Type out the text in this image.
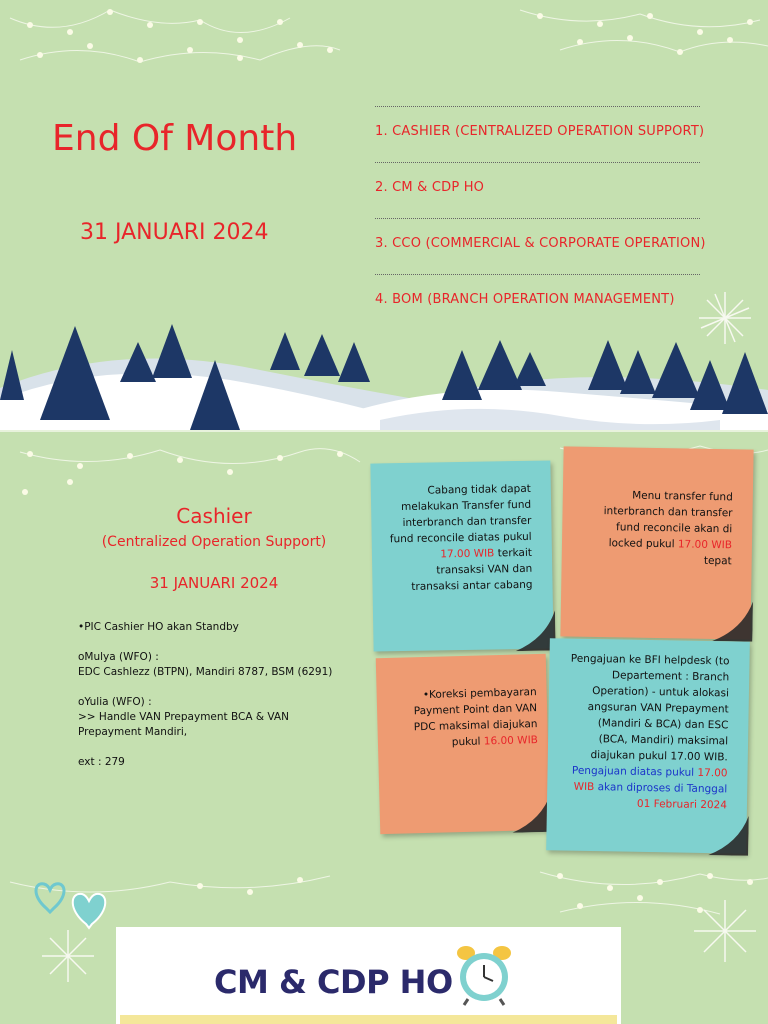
End Of Month
31 JANUARI 2024
1. CASHIER (CENTRALIZED OPERATION SUPPORT)
2. CM & CDP HO
3. CCO (COMMERCIAL & CORPORATE OPERATION)
4. BOM (BRANCH OPERATION MANAGEMENT)
Cashier
(Centralized Operation Support)
31 JANUARI 2024
•PIC Cashier HO akan Standby
oMulya (WFO) :
EDC Cashlezz (BTPN), Mandiri 8787, BSM (6291)
oYulia (WFO) :
>> Handle VAN Prepayment BCA & VAN
Prepayment Mandiri,
ext : 279
Cabang tidak dapat
melakukan Transfer fund
interbranch dan transfer
fund reconcile diatas pukul
17.00 WIB terkait
transaksi VAN dan
transaksi antar cabang
Menu transfer fund
interbranch dan transfer
fund reconcile akan di
locked pukul 17.00 WIB
tepat
•Koreksi pembayaran
Payment Point dan VAN
PDC maksimal diajukan
pukul 16.00 WIB
Pengajuan ke BFI helpdesk (to
Departement : Branch
Operation) - untuk alokasi
angsuran VAN Prepayment
(Mandiri & BCA) dan ESC
(BCA, Mandiri) maksimal
diajukan pukul 17.00 WIB.
Pengajuan diatas pukul 17.00
WIB akan diproses di Tanggal
01 Februari 2024
CM & CDP HO
